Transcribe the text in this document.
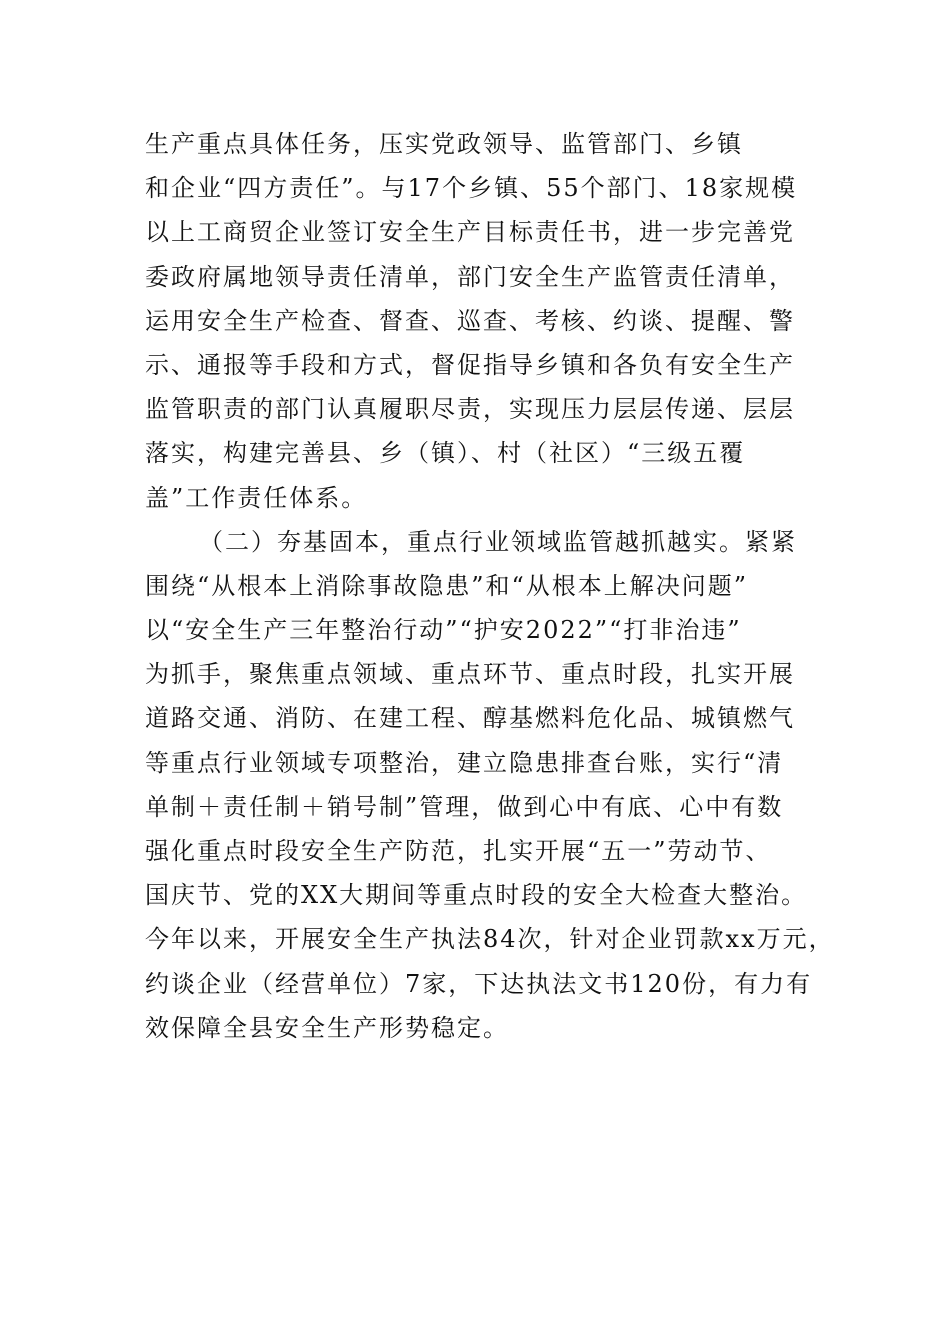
生产重点具体任务，压实党政领导、监管部门、乡镇
和企业“四方责任”。与17个乡镇、55个部门、18家规模
以上工商贸企业签订安全生产目标责任书，进一步完善党
委政府属地领导责任清单，部门安全生产监管责任清单，
运用安全生产检查、督查、巡查、考核、约谈、提醒、警
示、通报等手段和方式，督促指导乡镇和各负有安全生产
监管职责的部门认真履职尽责，实现压力层层传递、层层
落实，构建完善县、乡（镇）、村（社区）“三级五覆
盖”工作责任体系。
（二）夯基固本，重点行业领域监管越抓越实。紧紧
围绕“从根本上消除事故隐患”和“从根本上解决问题”
以“安全生产三年整治行动”“护安2022”“打非治违”
为抓手，聚焦重点领域、重点环节、重点时段，扎实开展
道路交通、消防、在建工程、醇基燃料危化品、城镇燃气
等重点行业领域专项整治，建立隐患排查台账，实行“清
单制＋责任制＋销号制”管理，做到心中有底、心中有数
强化重点时段安全生产防范，扎实开展“五一”劳动节、
国庆节、党的XX大期间等重点时段的安全大检查大整治。
今年以来，开展安全生产执法84次，针对企业罚款xx万元，
约谈企业（经营单位）7家，下达执法文书120份，有力有
效保障全县安全生产形势稳定。
